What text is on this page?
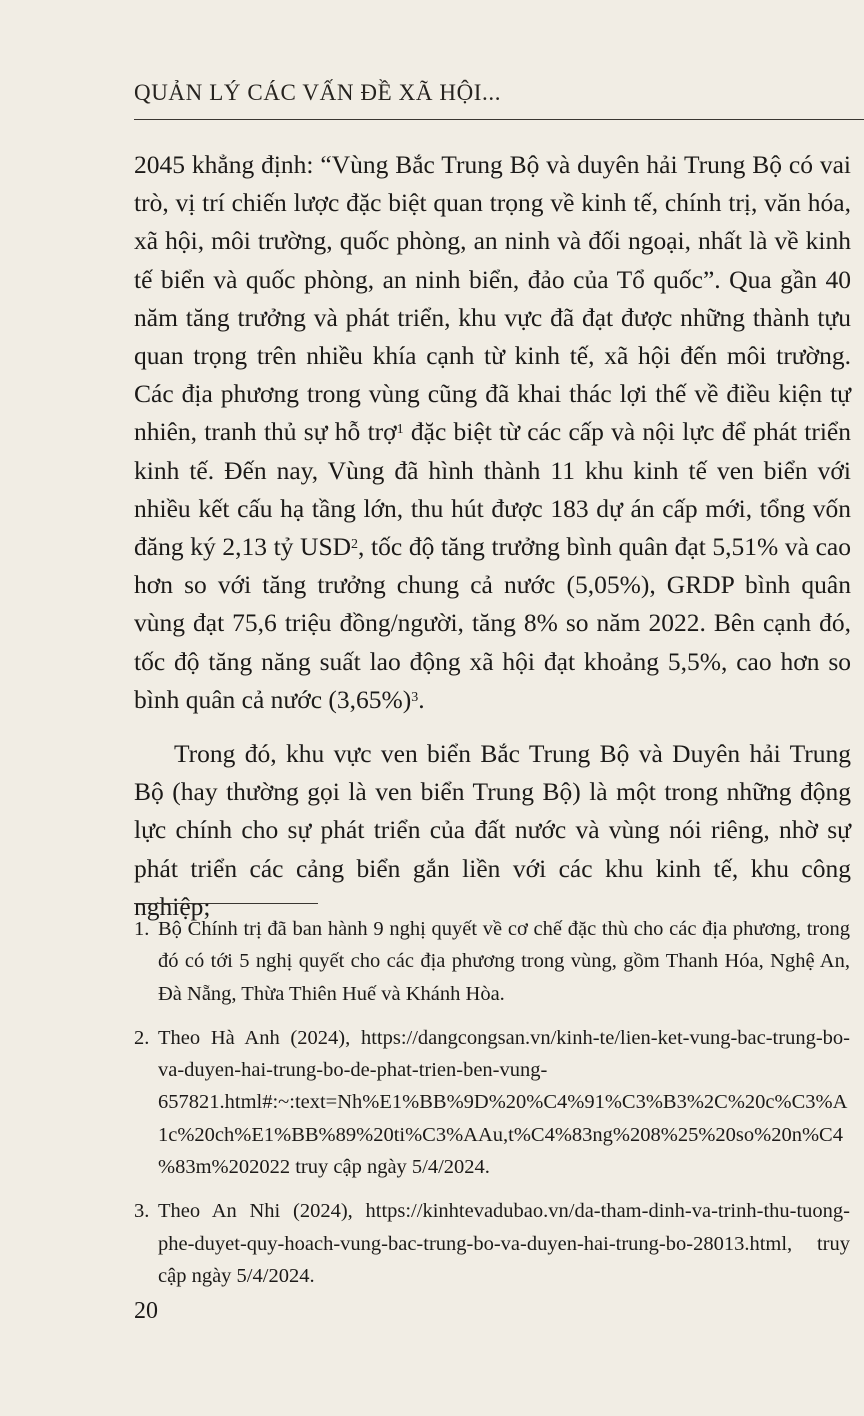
QUẢN LÝ CÁC VẤN ĐỀ XÃ HỘI...

2045 khẳng định: “Vùng Bắc Trung Bộ và duyên hải Trung Bộ có vai trò, vị trí chiến lược đặc biệt quan trọng về kinh tế, chính trị, văn hóa, xã hội, môi trường, quốc phòng, an ninh và đối ngoại, nhất là về kinh tế biển và quốc phòng, an ninh biển, đảo của Tổ quốc”. Qua gần 40 năm tăng trưởng và phát triển, khu vực đã đạt được những thành tựu quan trọng trên nhiều khía cạnh từ kinh tế, xã hội đến môi trường. Các địa phương trong vùng cũng đã khai thác lợi thế về điều kiện tự nhiên, tranh thủ sự hỗ trợ$^1$ đặc biệt từ các cấp và nội lực để phát triển kinh tế. Đến nay, Vùng đã hình thành 11 khu kinh tế ven biển với nhiều kết cấu hạ tầng lớn, thu hút được 183 dự án cấp mới, tổng vốn đăng ký 2,13 tỷ USD$^2$, tốc độ tăng trưởng bình quân đạt 5,51% và cao hơn so với tăng trưởng chung cả nước (5,05%), GRDP bình quân vùng đạt 75,6 triệu đồng/người, tăng 8% so năm 2022. Bên cạnh đó, tốc độ tăng năng suất lao động xã hội đạt khoảng 5,5%, cao hơn so bình quân cả nước $(3,65\%)^3$.

Trong đó, khu vực ven biển Bắc Trung Bộ và Duyên hải Trung Bộ (hay thường gọi là ven biển Trung Bộ) là một trong những động lực chính cho sự phát triển của đất nước và vùng nói riêng, nhờ sự phát triển các cảng biển gắn liền với các khu kinh tế, khu công nghiệp;

1. Bộ Chính trị đã ban hành 9 nghị quyết về cơ chế đặc thù cho các địa phương, trong đó có tới 5 nghị quyết cho các địa phương trong vùng, gồm Thanh Hóa, Nghệ An, Đà Nẵng, Thừa Thiên Huế và Khánh Hòa.
2. Theo Hà Anh (2024), https://dangcongsan.vn/kinh-te/lien-ket-vung-bac-trung-bo-va-duyen-hai-trung-bo-de-phat-trien-ben-vung-657821.html#:~:text=Nh%E1%BB%9D%20%C4%91%C3%B3%2C%20c%C3%A1c%20ch%E1%BB%89%20ti%C3%AAu,t%C4%83ng%208%25%20so%20n%C4%83m%202022 truy cập ngày 5/4/2024.
3. Theo An Nhi (2024), https://kinhtevadubao.vn/da-tham-dinh-va-trinh-thu-tuong-phe-duyet-quy-hoach-vung-bac-trung-bo-va-duyen-hai-trung-bo-28013.html, truy cập ngày 5/4/2024.
20
